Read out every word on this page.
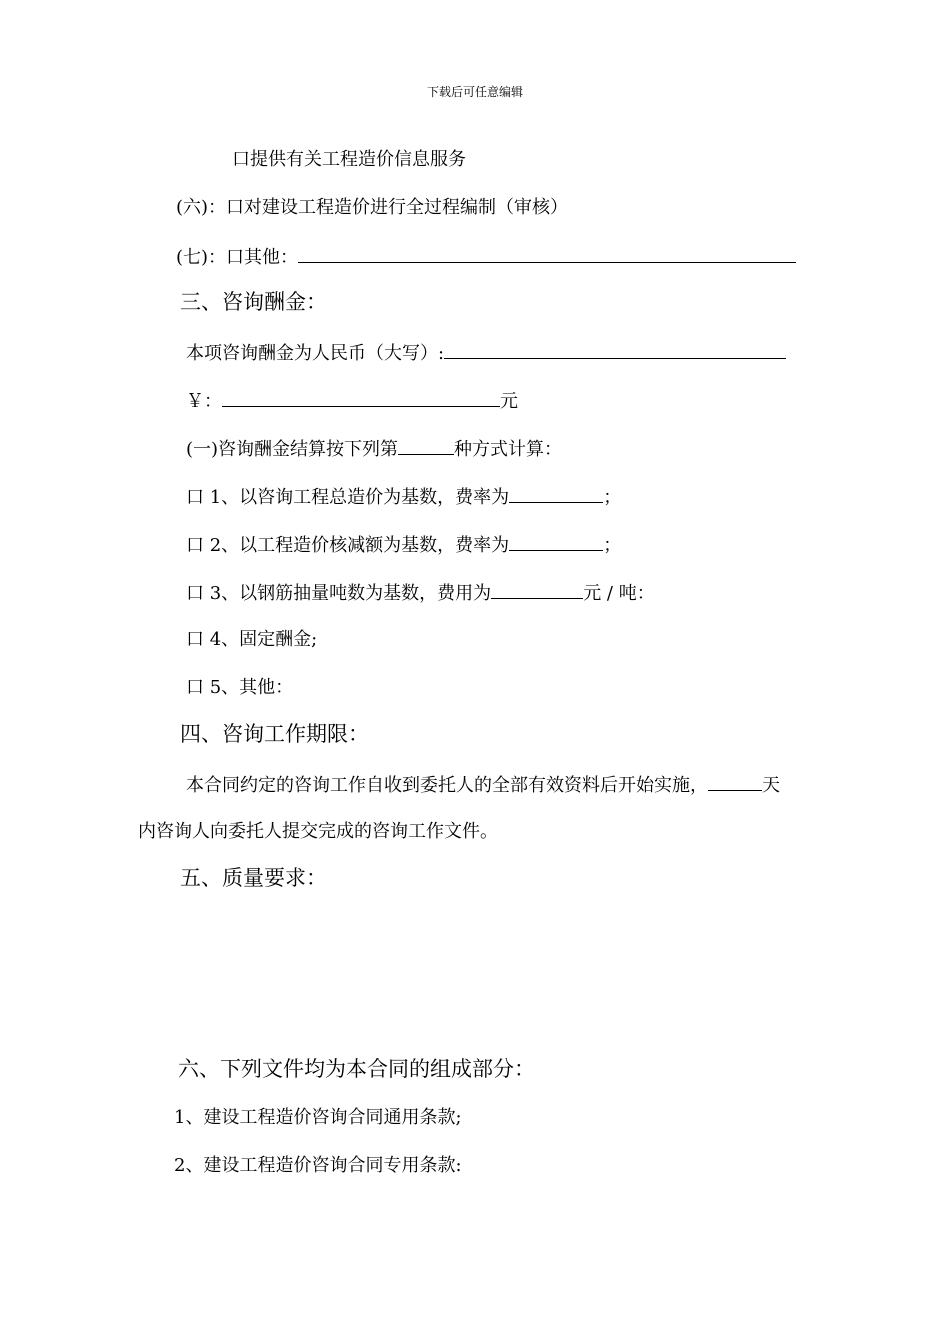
下载后可任意编辑
口提供有关工程造价信息服务
(六)：口对建设工程造价进行全过程编制（审核）
(七)：口其他：
三、咨询酬金：
本项咨询酬金为人民币（大写）:
￥：	元
(一)咨询酬金结算按下列第	种方式计算：
口 1、以咨询工程总造价为基数，费率为	；
口 2、以工程造价核减额为基数，费率为	；
口 3、以钢筋抽量吨数为基数，费用为	元 / 吨：
口 4、固定酬金;
口 5、其他：
四、咨询工作期限：
本合同约定的咨询工作自收到委托人的全部有效资料后开始实施，	天
内咨询人向委托人提交完成的咨询工作文件。
五、质量要求：
六、下列文件均为本合同的组成部分：
1、建设工程造价咨询合同通用条款;
2、建设工程造价咨询合同专用条款:
